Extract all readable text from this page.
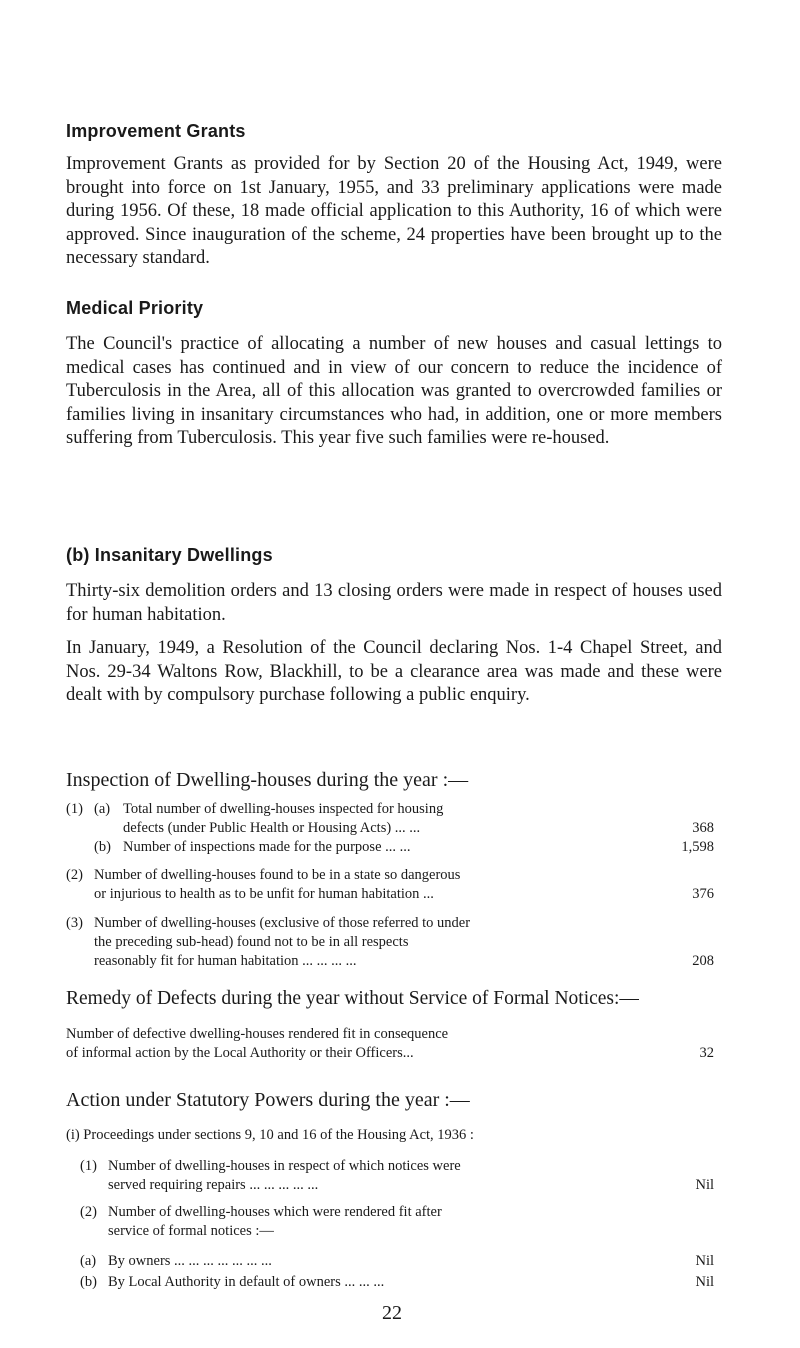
Improvement Grants

Improvement Grants as provided for by Section 20 of the Housing Act, 1949, were brought into force on 1st January, 1955, and 33 preliminary applications were made during 1956. Of these, 18 made official application to this Authority, 16 of which were approved. Since inauguration of the scheme, 24 properties have been brought up to the necessary standard.

Medical Priority

The Council's practice of allocating a number of new houses and casual lettings to medical cases has continued and in view of our concern to reduce the incidence of Tuberculosis in the Area, all of this allocation was granted to overcrowded families or families living in insanitary circumstances who had, in addition, one or more members suffering from Tuberculosis. This year five such families were re-housed.

(b) Insanitary Dwellings

Thirty-six demolition orders and 13 closing orders were made in respect of houses used for human habitation.

In January, 1949, a Resolution of the Council declaring Nos. 1-4 Chapel Street, and Nos. 29-34 Waltons Row, Blackhill, to be a clearance area was made and these were dealt with by compulsory purchase following a public enquiry.

Inspection of Dwelling-houses during the year :—
(1) (a) Total number of dwelling-houses inspected for housing
defects (under Public Health or Housing Acts) ... ...	368
(b) Number of inspections made for the purpose ... ...	1,598
(2) Number of dwelling-houses found to be in a state so dangerous
or injurious to health as to be unfit for human habitation ...	376
(3) Number of dwelling-houses (exclusive of those referred to under
the preceding sub-head) found not to be in all respects
reasonably fit for human habitation ... ... ... ...	208
Remedy of Defects during the year without Service of Formal Notices:—
Number of defective dwelling-houses rendered fit in consequence
of informal action by the Local Authority or their Officers...	32
Action under Statutory Powers during the year :—
(i) Proceedings under sections 9, 10 and 16 of the Housing Act, 1936 :
(1) Number of dwelling-houses in respect of which notices were
served requiring repairs ... ... ... ... ...	Nil
(2) Number of dwelling-houses which were rendered fit after
service of formal notices :—
(a) By owners ... ... ... ... ... ... ...	Nil
(b) By Local Authority in default of owners ... ... ...	Nil
22
